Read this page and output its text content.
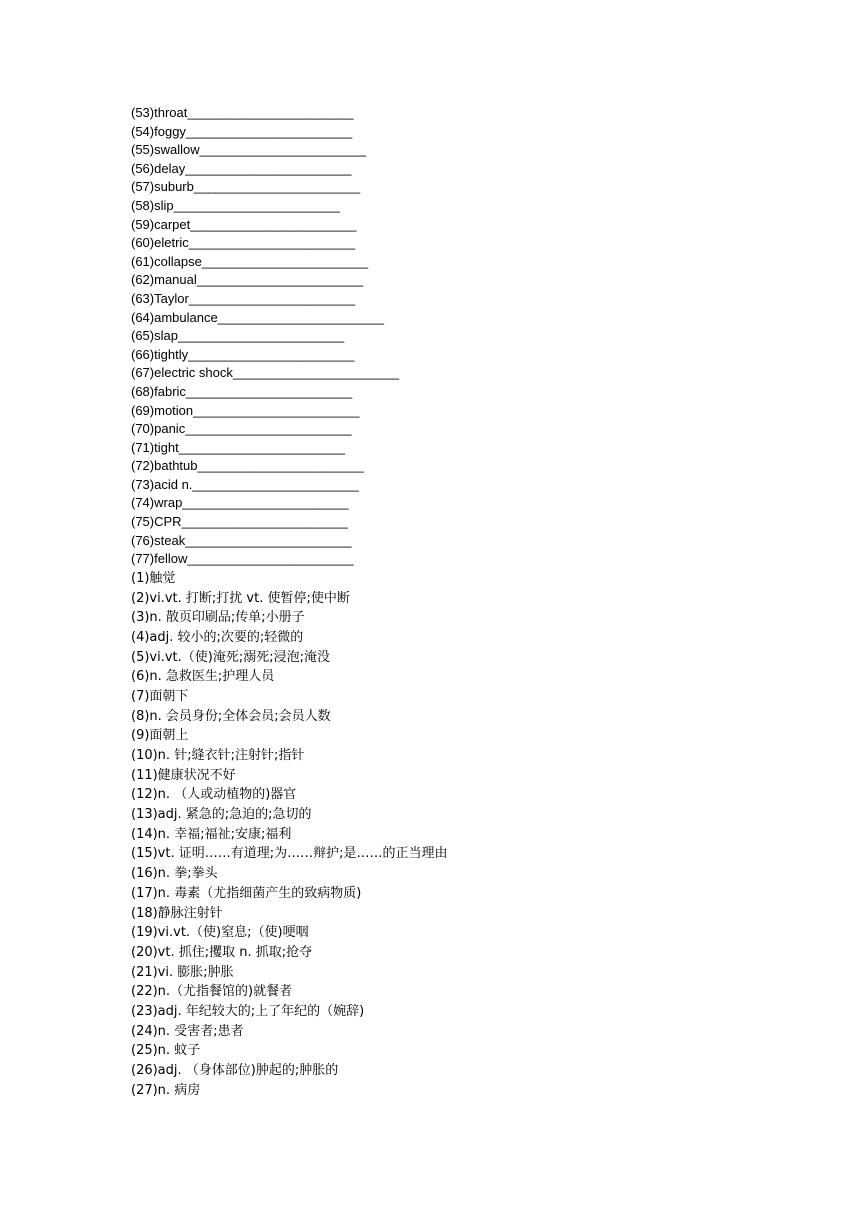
(53)throat_______________________
(54)foggy_______________________
(55)swallow_______________________
(56)delay_______________________
(57)suburb_______________________
(58)slip_______________________
(59)carpet_______________________
(60)eletric_______________________
(61)collapse_______________________
(62)manual_______________________
(63)Taylor_______________________
(64)ambulance_______________________
(65)slap_______________________
(66)tightly_______________________
(67)electric shock_______________________
(68)fabric_______________________
(69)motion_______________________
(70)panic_______________________
(71)tight_______________________
(72)bathtub_______________________
(73)acid n._______________________
(74)wrap_______________________
(75)CPR_______________________
(76)steak_______________________
(77)fellow_______________________
(1)触觉
(2)vi.vt. 打断;打扰 vt. 使暂停;使中断
(3)n. 散页印刷品;传单;小册子
(4)adj. 较小的;次要的;轻微的
(5)vi.vt.（使)淹死;溺死;浸泡;淹没
(6)n. 急救医生;护理人员
(7)面朝下
(8)n. 会员身份;全体会员;会员人数
(9)面朝上
(10)n. 针;缝衣针;注射针;指针
(11)健康状况不好
(12)n. （人或动植物的)器官
(13)adj. 紧急的;急迫的;急切的
(14)n. 幸福;福祉;安康;福利
(15)vt. 证明……有道理;为……辩护;是……的正当理由
(16)n. 拳;拳头
(17)n. 毒素（尤指细菌产生的致病物质)
(18)静脉注射针
(19)vi.vt.（使)窒息;（使)哽咽
(20)vt. 抓住;攫取 n. 抓取;抢夺
(21)vi. 膨胀;肿胀
(22)n.（尤指餐馆的)就餐者
(23)adj. 年纪较大的;上了年纪的（婉辞)
(24)n. 受害者;患者
(25)n. 蚊子
(26)adj. （身体部位)肿起的;肿胀的
(27)n. 病房
